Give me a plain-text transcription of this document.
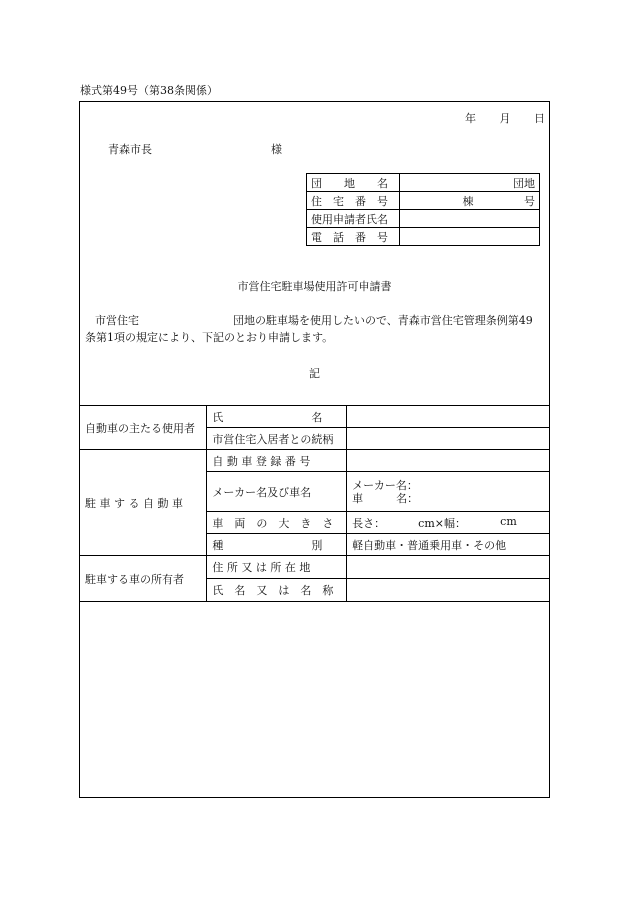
様式第49号（第38条関係）
年 月 日
青森市長	様
団　　地　　名	団地
住　宅　番　号	棟 号

使用申請者氏名	
電　話　番　号	
市営住宅駐車場使用許可申請書
市営住宅	団地の駐車場を使用したいので、青森市営住宅管理条例第49
条第1項の規定により、下記のとおり申請します。
記
自動車の主たる使用者	氏　　　　　　　　名	
	市営住宅入居者との続柄	
駐 車 す る 自 動 車	自 動 車 登 録 番 号	
	メーカー名及び車名	メーカー名：
車　　　名：

	車　両　の　大　き　さ	長さ： cm×幅： cm

	種　　　　　　　　別	軽自動車・普通乗用車・その他
駐車する車の所有者	住 所 又 は 所 在 地	
	氏　名　又　は　名　称	
